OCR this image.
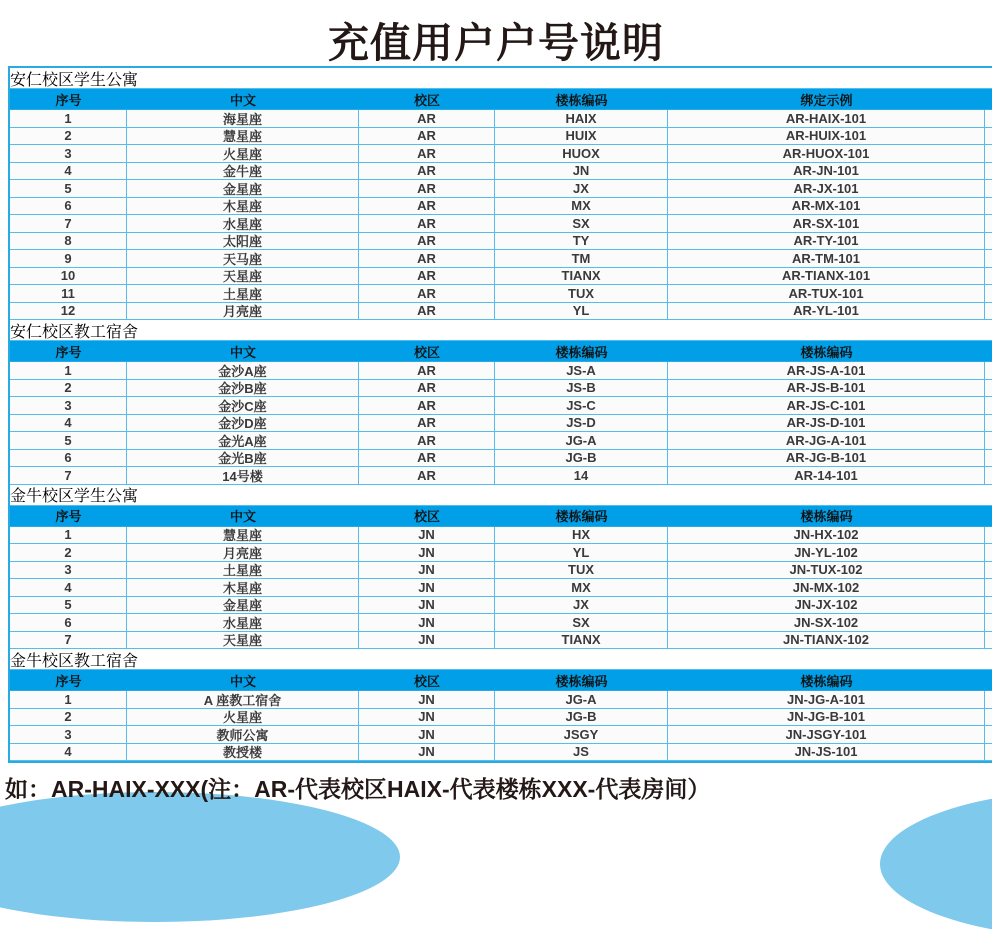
充值用户户号说明
安仁校区学生公寓
序号	中文	校区	楼栋编码	绑定示例
1	海星座	AR	HAIX	AR-HAIX-101
2	慧星座	AR	HUIX	AR-HUIX-101
3	火星座	AR	HUOX	AR-HUOX-101
4	金牛座	AR	JN	AR-JN-101
5	金星座	AR	JX	AR-JX-101
6	木星座	AR	MX	AR-MX-101
7	水星座	AR	SX	AR-SX-101
8	太阳座	AR	TY	AR-TY-101
9	天马座	AR	TM	AR-TM-101
10	天星座	AR	TIANX	AR-TIANX-101
11	土星座	AR	TUX	AR-TUX-101
12	月亮座	AR	YL	AR-YL-101
安仁校区教工宿舍
序号	中文	校区	楼栋编码	楼栋编码
1	金沙A座	AR	JS-A	AR-JS-A-101
2	金沙B座	AR	JS-B	AR-JS-B-101
3	金沙C座	AR	JS-C	AR-JS-C-101
4	金沙D座	AR	JS-D	AR-JS-D-101
5	金光A座	AR	JG-A	AR-JG-A-101
6	金光B座	AR	JG-B	AR-JG-B-101
7	14号楼	AR	14	AR-14-101
金牛校区学生公寓
序号	中文	校区	楼栋编码	楼栋编码
1	慧星座	JN	HX	JN-HX-102
2	月亮座	JN	YL	JN-YL-102
3	土星座	JN	TUX	JN-TUX-102
4	木星座	JN	MX	JN-MX-102
5	金星座	JN	JX	JN-JX-102
6	水星座	JN	SX	JN-SX-102
7	天星座	JN	TIANX	JN-TIANX-102
金牛校区教工宿舍
序号	中文	校区	楼栋编码	楼栋编码
1	A 座教工宿舍	JN	JG-A	JN-JG-A-101
2	火星座	JN	JG-B	JN-JG-B-101
3	教师公寓	JN	JSGY	JN-JSGY-101
4	教授楼	JN	JS	JN-JS-101
如：AR-HAIX-XXX(注：AR-代表校区HAIX-代表楼栋XXX-代表房间）
